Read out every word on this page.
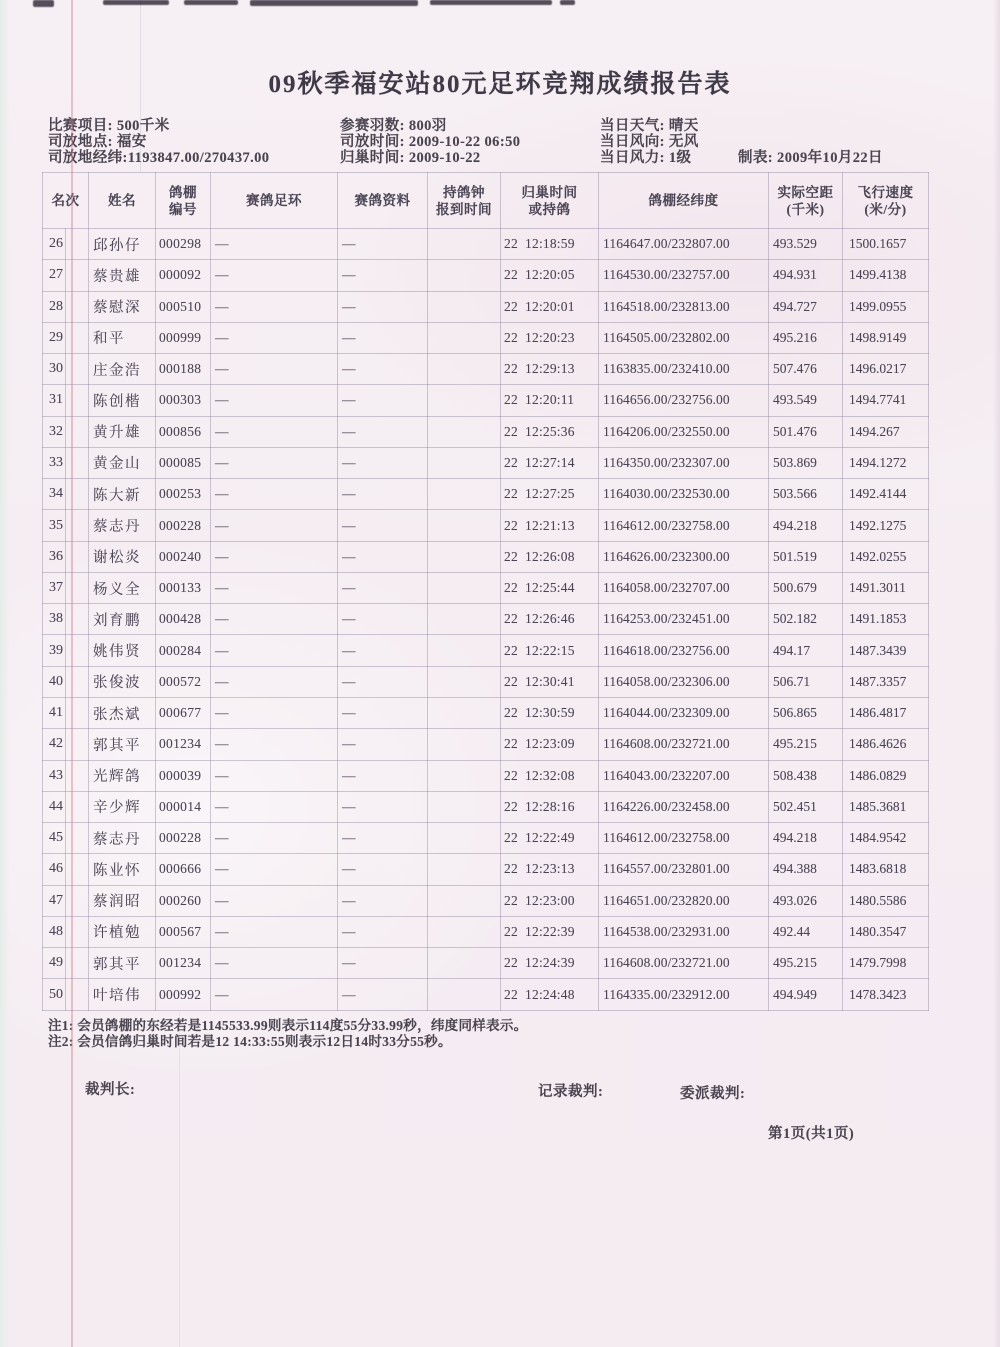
09秋季福安站80元足环竞翔成绩报告表
比赛项目: 500千米
司放地点: 福安
司放地经纬:1193847.00/270437.00
参赛羽数: 800羽
司放时间: 2009-10-22 06:50
归巢时间: 2009-10-22
当日天气: 晴天
当日风向: 无风
当日风力: 1级	制表: 2009年10月22日
名次	姓名

鸽棚
编号

赛鸽足环	赛鸽资料

持鸽钟
报到时间

归巢时间
或持鸽

鸽棚经纬度

实际空距
(千米)

飞行速度
(米/分)

26		邱孙仔	000298	—	—		22  12:18:59	1164647.00/232807.00	493.529	1500.1657
27		蔡贵雄	000092	—	—		22  12:20:05	1164530.00/232757.00	494.931	1499.4138
28		蔡慰深	000510	—	—		22  12:20:01	1164518.00/232813.00	494.727	1499.0955
29		和平	000999	—	—		22  12:20:23	1164505.00/232802.00	495.216	1498.9149
30		庄金浩	000188	—	—		22  12:29:13	1163835.00/232410.00	507.476	1496.0217
31		陈创楷	000303	—	—		22  12:20:11	1164656.00/232756.00	493.549	1494.7741
32		黄升雄	000856	—	—		22  12:25:36	1164206.00/232550.00	501.476	1494.267
33		黄金山	000085	—	—		22  12:27:14	1164350.00/232307.00	503.869	1494.1272
34		陈大新	000253	—	—		22  12:27:25	1164030.00/232530.00	503.566	1492.4144
35		蔡志丹	000228	—	—		22  12:21:13	1164612.00/232758.00	494.218	1492.1275
36		谢松炎	000240	—	—		22  12:26:08	1164626.00/232300.00	501.519	1492.0255
37		杨义全	000133	—	—		22  12:25:44	1164058.00/232707.00	500.679	1491.3011
38		刘育鹏	000428	—	—		22  12:26:46	1164253.00/232451.00	502.182	1491.1853
39		姚伟贤	000284	—	—		22  12:22:15	1164618.00/232756.00	494.17	1487.3439
40		张俊波	000572	—	—		22  12:30:41	1164058.00/232306.00	506.71	1487.3357
41		张杰斌	000677	—	—		22  12:30:59	1164044.00/232309.00	506.865	1486.4817
42		郭其平	001234	—	—		22  12:23:09	1164608.00/232721.00	495.215	1486.4626
43		光辉鸽	000039	—	—		22  12:32:08	1164043.00/232207.00	508.438	1486.0829
44		辛少辉	000014	—	—		22  12:28:16	1164226.00/232458.00	502.451	1485.3681
45		蔡志丹	000228	—	—		22  12:22:49	1164612.00/232758.00	494.218	1484.9542
46		陈业怀	000666	—	—		22  12:23:13	1164557.00/232801.00	494.388	1483.6818
47		蔡润昭	000260	—	—		22  12:23:00	1164651.00/232820.00	493.026	1480.5586
48		许植勉	000567	—	—		22  12:22:39	1164538.00/232931.00	492.44	1480.3547
49		郭其平	001234	—	—		22  12:24:39	1164608.00/232721.00	495.215	1479.7998
50		叶培伟	000992	—	—		22  12:24:48	1164335.00/232912.00	494.949	1478.3423
注1: 会员鸽棚的东经若是1145533.99则表示114度55分33.99秒，纬度同样表示。
注2: 会员信鸽归巢时间若是12 14:33:55则表示12日14时33分55秒。
裁判长:	记录裁判:	委派裁判:
第1页(共1页)
